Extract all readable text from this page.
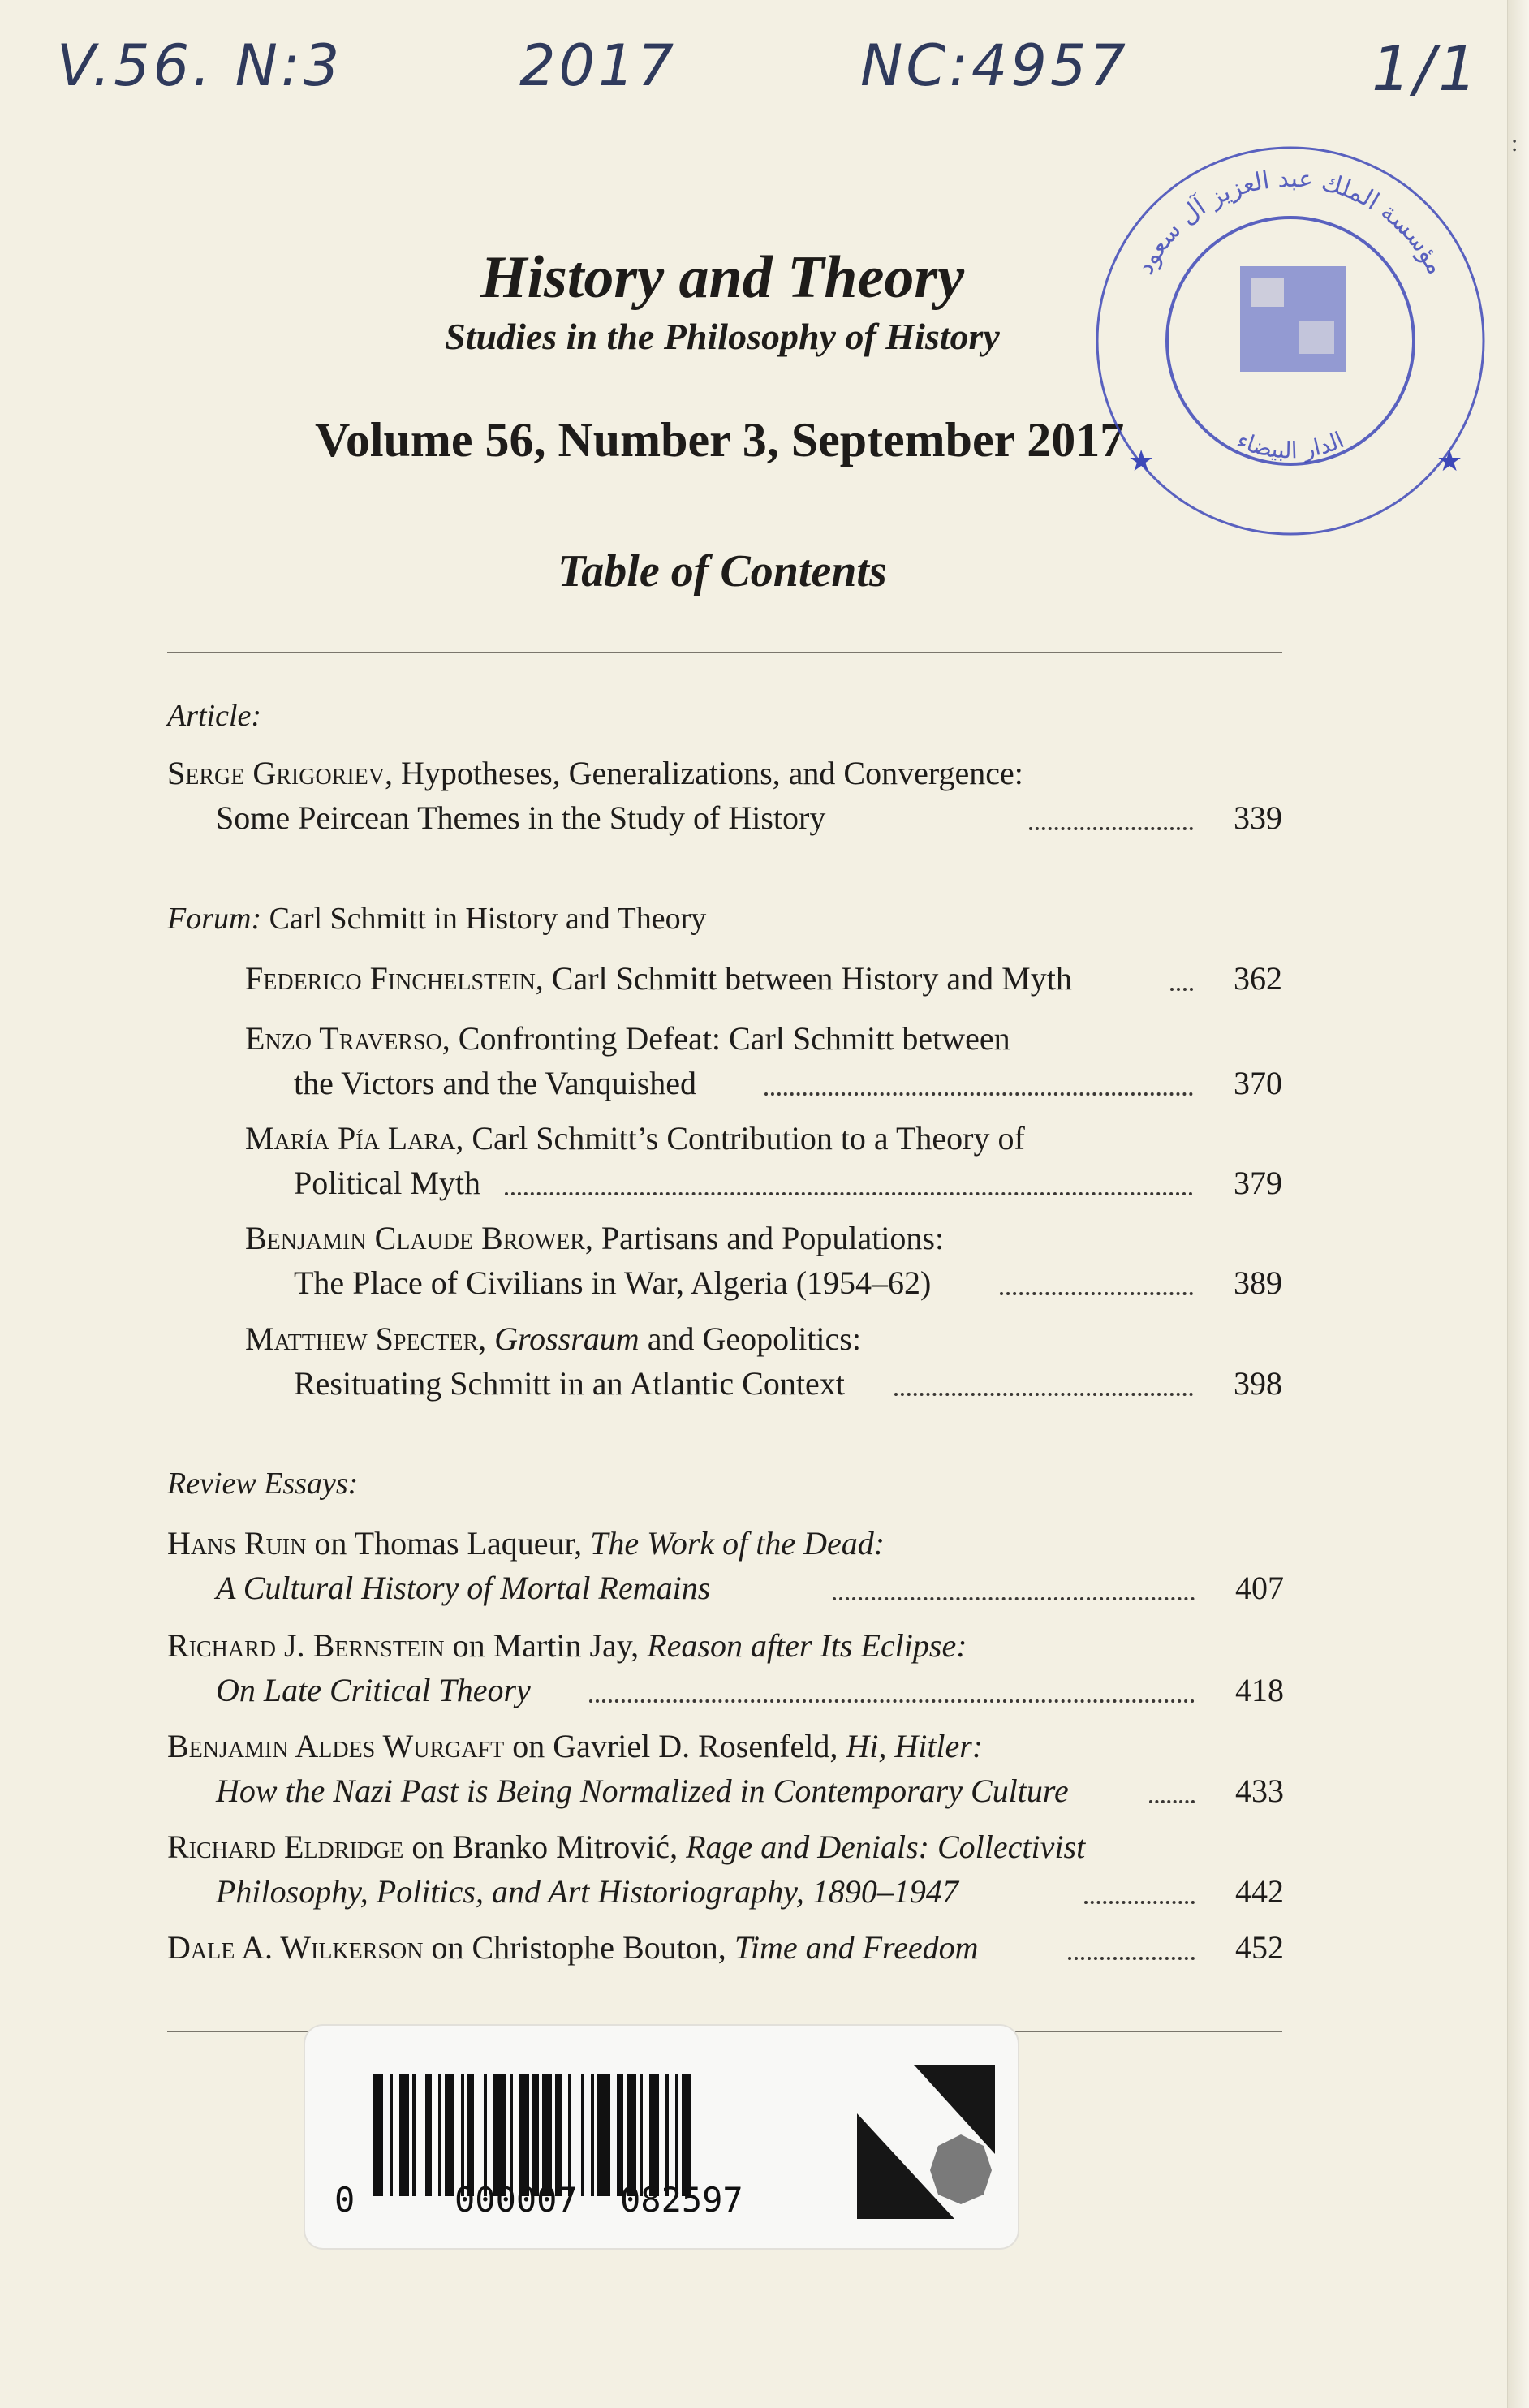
:
V.56. N:3	2017	NC:4957	1/1
History and Theory
Studies in the Philosophy of History
Volume 56, Number 3, September 2017
Table of Contents
مؤسسة الملك عبد العزيز آل سعود
الدار البيضاء
★	★
Article:
Serge Grigoriev, Hypotheses, Generalizations, and Convergence:
Some Peircean Themes in the Study of History	339
Forum: Carl Schmitt in History and Theory
Federico Finchelstein, Carl Schmitt between History and Myth	362
Enzo Traverso, Confronting Defeat: Carl Schmitt between
the Victors and the Vanquished	370
María Pía Lara, Carl Schmitt’s Contribution to a Theory of
Political Myth	379
Benjamin Claude Brower, Partisans and Populations:
The Place of Civilians in War, Algeria (1954–62)	389
Matthew Specter, Grossraum and Geopolitics:
Resituating Schmitt in an Atlantic Context	398
Review Essays:
Hans Ruin on Thomas Laqueur, The Work of the Dead:
A Cultural History of Mortal Remains	407
Richard J. Bernstein on Martin Jay, Reason after Its Eclipse:
On Late Critical Theory	418
Benjamin Aldes Wurgaft on Gavriel D. Rosenfeld, Hi, Hitler:
How the Nazi Past is Being Normalized in Contemporary Culture	433
Richard Eldridge on Branko Mitrović, Rage and Denials: Collectivist
Philosophy, Politics, and Art Historiography, 1890–1947	442
Dale A. Wilkerson on Christophe Bouton, Time and Freedom	452
0	000007 082597
